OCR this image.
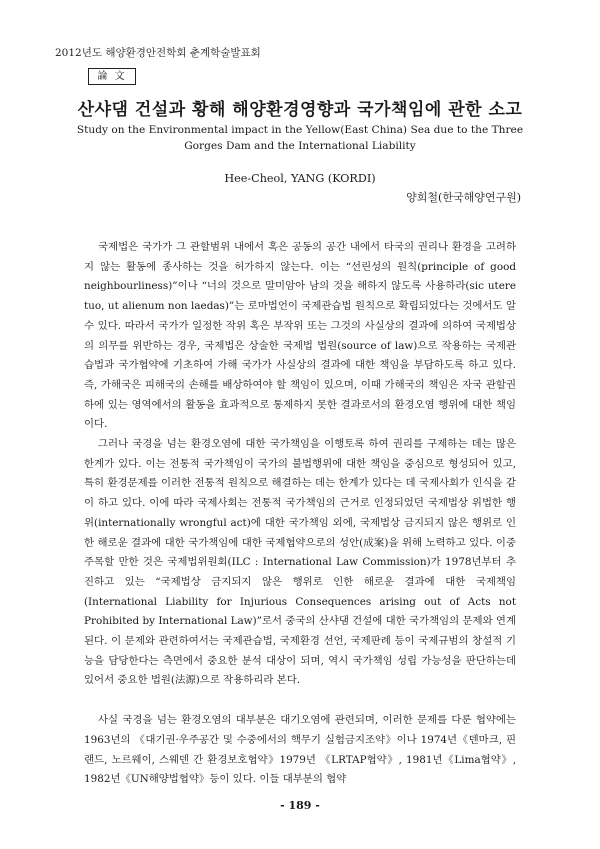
2012년도 해양환경안전학회 춘계학술발표회
論 文
산샤댐 건설과 황해 해양환경영향과 국가책임에 관한 소고
Study on the Environmental impact in the Yellow(East China) Sea due to the Three
Gorges Dam and the International Liability
Hee-Cheol, YANG (KORDI)
양희철(한국해양연구원)

국제법은 국가가 그 관할범위 내에서 혹은 공동의 공간 내에서 타국의 권리나 환경을 고려하지 않는 활동에 종사하는 것을 허가하지 않는다. 이는 “선린성의 원칙(principle of good neighbourliness)”이나 “너의 것으로 말미암아 남의 것을 해하지 않도록 사용하라(sic utere tuo, ut alienum non laedas)”는 로마법언이 국제관습법 원칙으로 확립되었다는 것에서도 알 수 있다. 따라서 국가가 일정한 작위 혹은 부작위 또는 그것의 사실상의 결과에 의하여 국제법상의 의무를 위반하는 경우, 국제법은 상술한 국제법 법원(source of law)으로 작용하는 국제관습법과 국가협약에 기초하여 가해 국가가 사실상의 결과에 대한 책임을 부담하도록 하고 있다. 즉, 가해국은 피해국의 손해를 배상하여야 할 책임이 있으며, 이때 가해국의 책임은 자국 관할권하에 있는 영역에서의 활동을 효과적으로 통제하지 못한 결과로서의 환경오염 행위에 대한 책임이다.

그러나 국경을 넘는 환경오염에 대한 국가책임을 이행토록 하여 권리를 구제하는 데는 많은 한계가 있다. 이는 전통적 국가책임이 국가의 불법행위에 대한 책임을 중심으로 형성되어 있고, 특히 환경문제를 이러한 전통적 원칙으로 해결하는 데는 한계가 있다는 데 국제사회가 인식을 같이 하고 있다. 이에 따라 국제사회는 전통적 국가책임의 근거로 인정되었던 국제법상 위법한 행위(internationally wrongful act)에 대한 국가책임 외에, 국제법상 금지되지 않은 행위로 인한 해로운 결과에 대한 국가책임에 대한 국제협약으로의 성안(成案)을 위해 노력하고 있다. 이중 주목할 만한 것은 국제법위원회(ILC : International Law Commission)가 1978년부터 추진하고 있는 “국제법상 금지되지 않은 행위로 인한 해로운 결과에 대한 국제책임(International Liability for Injurious Consequences arising out of Acts not Prohibited by International Law)”로서 중국의 산샤댐 건설에 대한 국가책임의 문제와 연계된다. 이 문제와 관련하여서는 국제관습법, 국제환경 선언, 국제판례 등이 국제규범의 창설적 기능을 담당한다는 측면에서 중요한 분석 대상이 되며, 역시 국가책임 성립 가능성을 판단하는데 있어서 중요한 법원(法源)으로 작용하리라 본다.

사실 국경을 넘는 환경오염의 대부분은 대기오염에 관련되며, 이러한 문제를 다룬 협약에는 1963년의 《대기권·우주공간 및 수중에서의 핵무기 실험금지조약》이나 1974년《덴마크, 핀랜드, 노르웨이, 스웨덴 간 환경보호협약》1979년 《LRTAP협약》, 1981년《Lima협약》, 1982년《UN해양법협약》등이 있다. 이들 대부분의 협약

- 189 -
